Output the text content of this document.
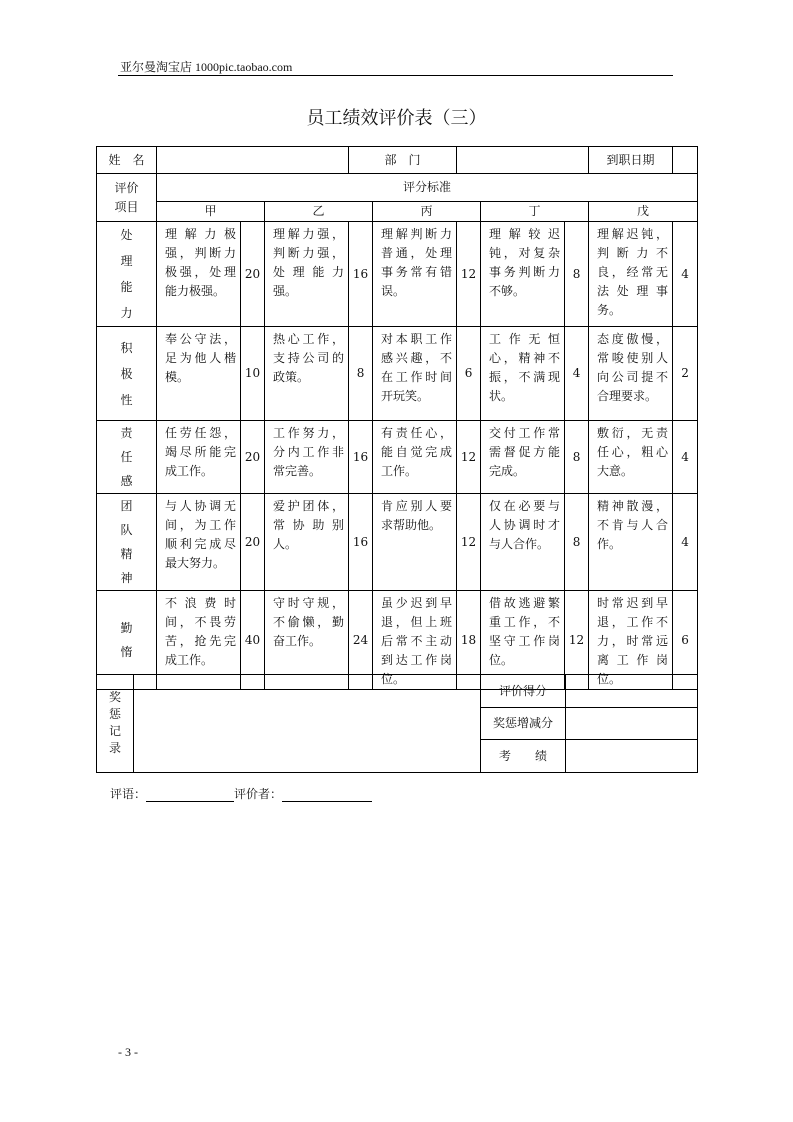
亚尔曼淘宝店 1000pic.taobao.com
员工绩效评价表（三）
姓　名				部　门					到职日期	

评价
项目	评分标准									
	甲		乙		丙		丁		戊	

处
理
能
力	理解力极强，判断力极强，处理能力极强。	20	理解力强，判断力强，处理能力强。	16	理解判断力普通，处理事务常有错误。	12	理解较迟钝，对复杂事务判断力不够。	8	理解迟钝，判断力不良，经常无法处理事务。	4

积
极
性	奉公守法，足为他人楷模。	10	热心工作，支持公司的政策。	8	对本职工作感兴趣，不在工作时间开玩笑。	6	工作无恒心，精神不振，不满现状。	4	态度傲慢，常唆使别人向公司提不合理要求。	2

责
任
感	任劳任怨，竭尽所能完成工作。	20	工作努力，分内工作非常完善。	16	有责任心，能自觉完成工作。	12	交付工作常需督促方能完成。	8	敷衍，无责任心，粗心大意。	4

团
队
精
神	与人协调无间，为工作顺利完成尽最大努力。	20	爱护团体，常协助别人。	16	肯应别人要求帮助他。	12	仅在必要与人协调时才与人合作。	8	精神散漫，不肯与人合作。	4

勤
惰	不浪费时间，不畏劳苦，抢先完成工作。	40	守时守规，不偷懒，勤奋工作。	24	虽少迟到早退，但上班后常不主动到达工作岗位。	18	借故逃避繁重工作，不坚守工作岗位。	12	时常迟到早退，工作不力，时常远离工作岗位。	6
奖
惩
记
录		评价得分	
		奖惩增减分	
		考　　绩	
评语：	评价者：
- 3 -
